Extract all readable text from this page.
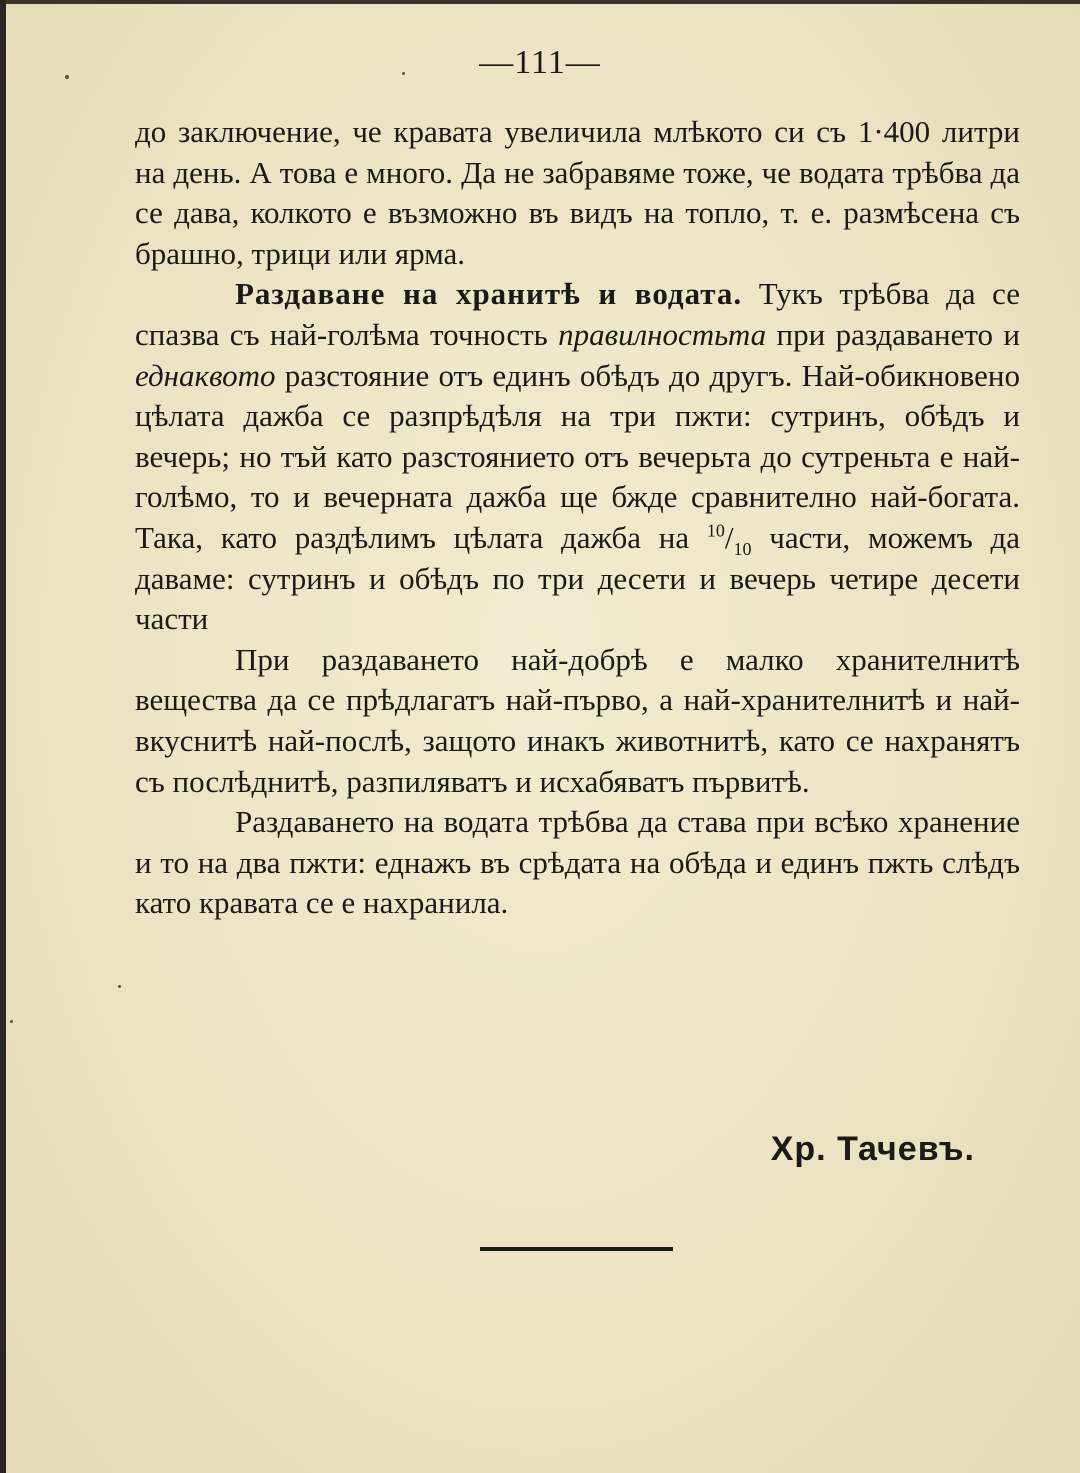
—111—

до заключение, че кравата увеличила млѣкото си съ 1·400 литри на день. А това е много. Да не забравяме тоже, че водата трѣбва да се дава, колкото е възможно въ видъ на топло, т. е. размѣсена съ брашно, трици или ярма.

Раздаване на хранитѣ и водата. Тукъ трѣбва да се спазва съ най-голѣма точность правилностьта при раздаването и еднаквото разстояние отъ единъ обѣдъ до другъ. Най-обикновено цѣлата дажба се разпрѣдѣля на три пжти: сутринъ, обѣдъ и вечерь; но тъй като разстоянието отъ вечерьта до сутреньта е най-голѣмо, то и вечерната дажба ще бжде сравнително най-богата. Така, като раздѣлимъ цѣлата дажба на $^{10}/_{10}$ части, можемъ да даваме: сутринъ и обѣдъ по три десети и вечерь четире десети части

При раздаването най-добрѣ е малко хранителнитѣ вещества да се прѣдлагатъ най-първо, а най-хранителнитѣ и най-вкуснитѣ най-послѣ, защото инакъ животнитѣ, като се нахранятъ съ послѣднитѣ, разпиляватъ и исхабяватъ първитѣ.

Раздаването на водата трѣбва да става при всѣко хранение и то на два пжти: еднажъ въ срѣдата на обѣда и единъ пжть слѣдъ като кравата се е нахранила.

Хр. Тачевъ.
